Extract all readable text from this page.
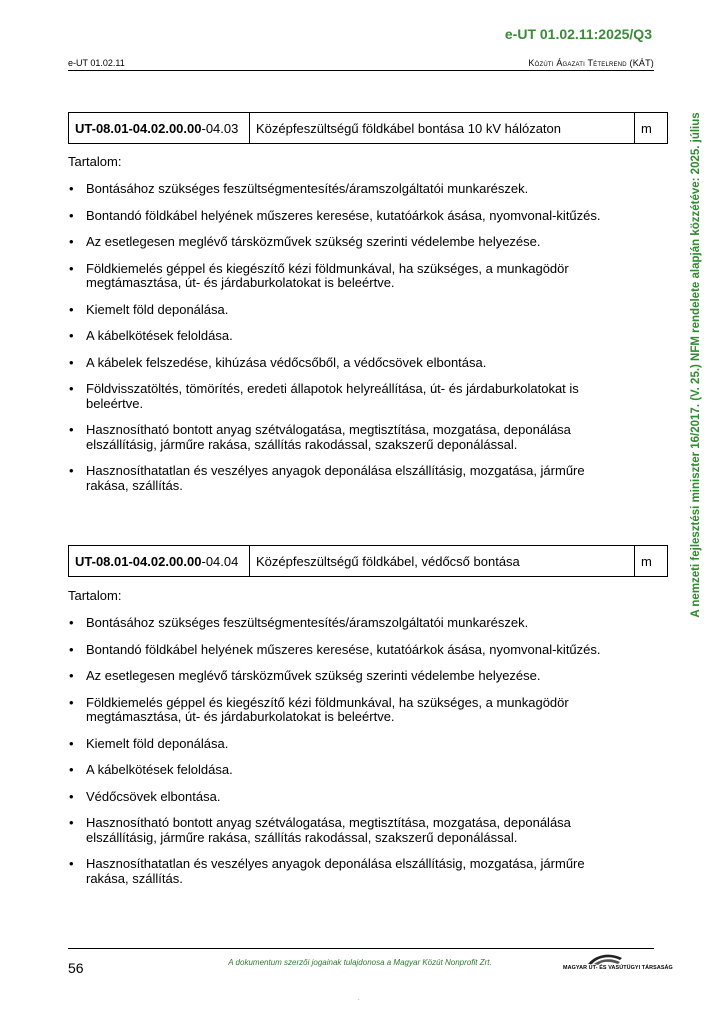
e-UT 01.02.11:2025/Q3
e-UT 01.02.11	Közúti Ágazati Tételrend (KÁT)
A nemzeti fejlesztési miniszter 16/2017. (V. 25.) NFM rendelete alapján közzétéve: 2025. július
UT-08.01-04.02.00.00-04.03	Középfeszültségű földkábel bontása 10 kV hálózaton	m
Tartalom:
• Bontásához szükséges feszültségmentesítés/áramszolgáltatói munkarészek.
• Bontandó földkábel helyének műszeres keresése, kutatóárkok ásása, nyomvonal-kitűzés.
• Az esetlegesen meglévő társközművek szükség szerinti védelembe helyezése.
• Földkiemelés géppel és kiegészítő kézi földmunkával, ha szükséges, a munkagödör megtámasztása, út- és járdaburkolatokat is beleértve.
• Kiemelt föld deponálása.
• A kábelkötések feloldása.
• A kábelek felszedése, kihúzása védőcsőből, a védőcsövek elbontása.
• Földvisszatöltés, tömörítés, eredeti állapotok helyreállítása, út- és járdaburkolatokat is beleértve.
• Hasznosítható bontott anyag szétválogatása, megtisztítása, mozgatása, deponálása elszállításig, járműre rakása, szállítás rakodással, szakszerű deponálással.
• Hasznosíthatatlan és veszélyes anyagok deponálása elszállításig, mozgatása, járműre rakása, szállítás.
UT-08.01-04.02.00.00-04.04	Középfeszültségű földkábel, védőcső bontása	m
Tartalom:
• Bontásához szükséges feszültségmentesítés/áramszolgáltatói munkarészek.
• Bontandó földkábel helyének műszeres keresése, kutatóárkok ásása, nyomvonal-kitűzés.
• Az esetlegesen meglévő társközművek szükség szerinti védelembe helyezése.
• Földkiemelés géppel és kiegészítő kézi földmunkával, ha szükséges, a munkagödör megtámasztása, út- és járdaburkolatokat is beleértve.
• Kiemelt föld deponálása.
• A kábelkötések feloldása.
• Védőcsövek elbontása.
• Hasznosítható bontott anyag szétválogatása, megtisztítása, mozgatása, deponálása elszállításig, járműre rakása, szállítás rakodással, szakszerű deponálással.
• Hasznosíthatatlan és veszélyes anyagok deponálása elszállításig, mozgatása, járműre rakása, szállítás.
56	A dokumentum szerzői jogainak tulajdonosa a Magyar Közút Nonprofit Zrt.
MAGYAR ÚT- ÉS VASÚTÜGYI TÁRSASÁG
.
